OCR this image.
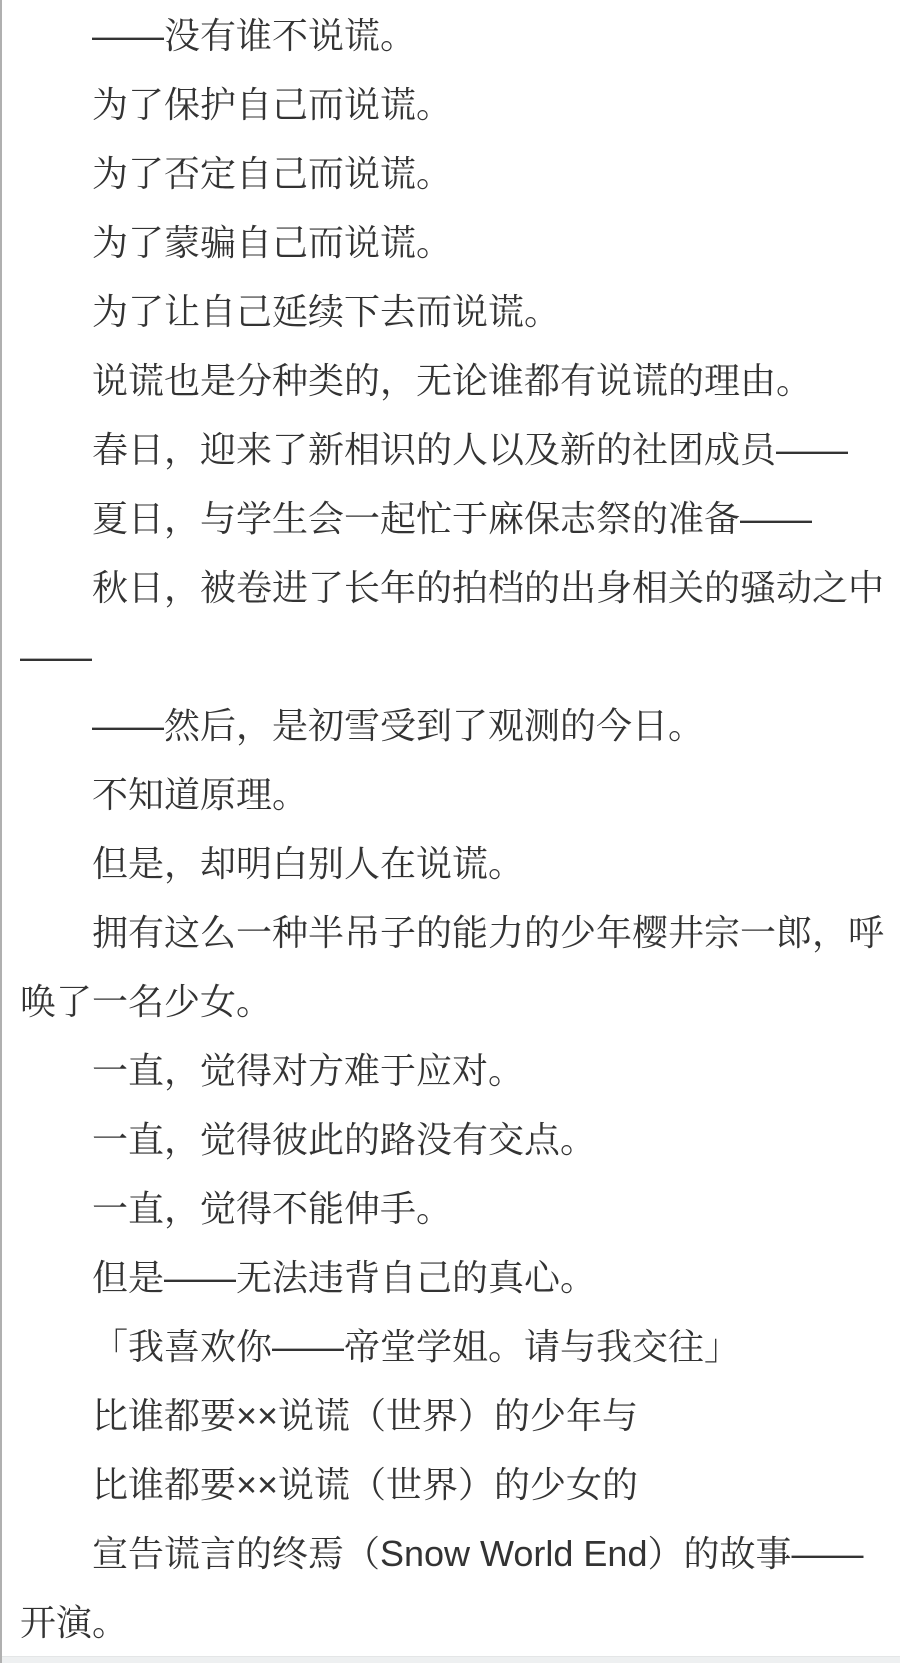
——没有谁不说谎。

为了保护自己而说谎。

为了否定自己而说谎。

为了蒙骗自己而说谎。

为了让自己延续下去而说谎。

说谎也是分种类的，无论谁都有说谎的理由。

春日，迎来了新相识的人以及新的社团成员——

夏日，与学生会一起忙于麻保志祭的准备——

秋日，被卷进了长年的拍档的出身相关的骚动之中——

——然后，是初雪受到了观测的今日。

不知道原理。

但是，却明白别人在说谎。

拥有这么一种半吊子的能力的少年樱井宗一郎，呼唤了一名少女。

一直，觉得对方难于应对。

一直，觉得彼此的路没有交点。

一直，觉得不能伸手。

但是——无法违背自己的真心。

「我喜欢你——帝堂学姐。请与我交往」

比谁都要××说谎（世界）的少年与

比谁都要××说谎（世界）的少女的

宣告谎言的终焉（Snow World End）的故事——开演。
